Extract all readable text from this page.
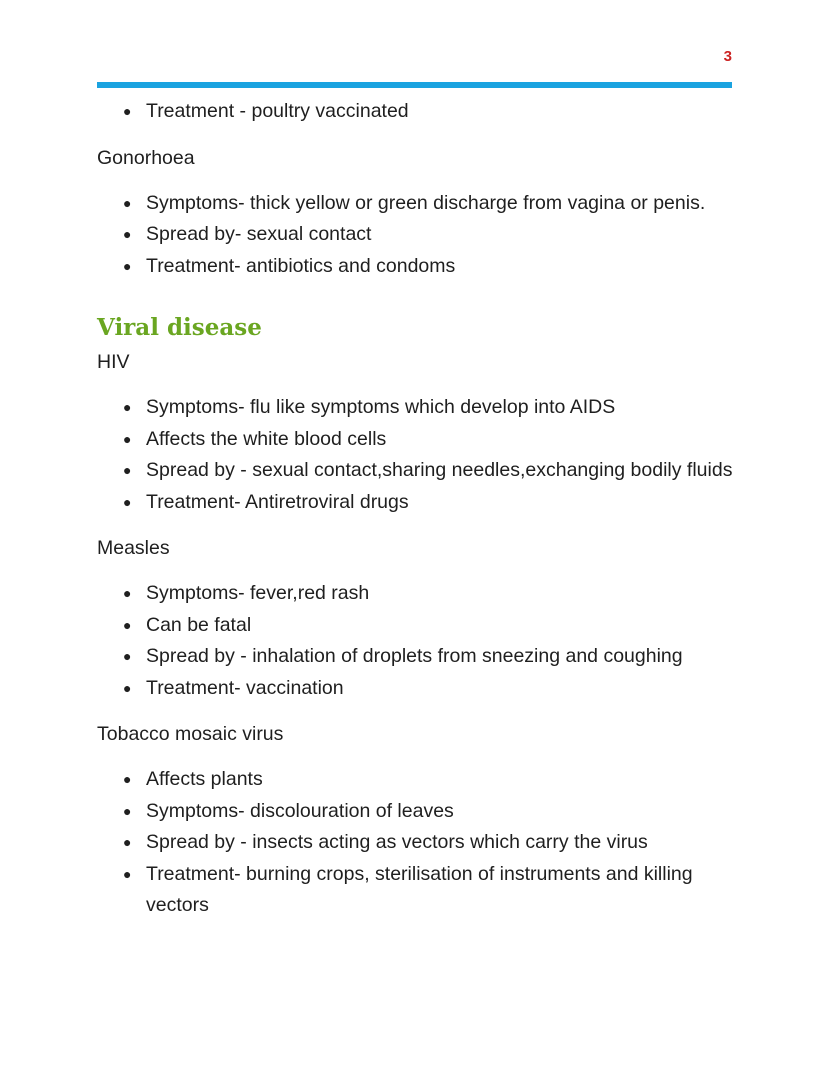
3
● Treatment - poultry vaccinated

Gonorhoea

● Symptoms- thick yellow or green discharge from vagina or penis.
● Spread by- sexual contact
● Treatment- antibiotics and condoms
Viral disease

HIV

● Symptoms- flu like symptoms which develop into AIDS
● Affects the white blood cells
● Spread by - sexual contact,sharing needles,exchanging bodily fluids
● Treatment- Antiretroviral drugs

Measles

● Symptoms- fever,red rash
● Can be fatal
● Spread by - inhalation of droplets from sneezing and coughing
● Treatment- vaccination

Tobacco mosaic virus

● Affects plants
● Symptoms- discolouration of leaves
● Spread by - insects acting as vectors which carry the virus
● Treatment- burning crops, sterilisation of instruments and killing vectors
